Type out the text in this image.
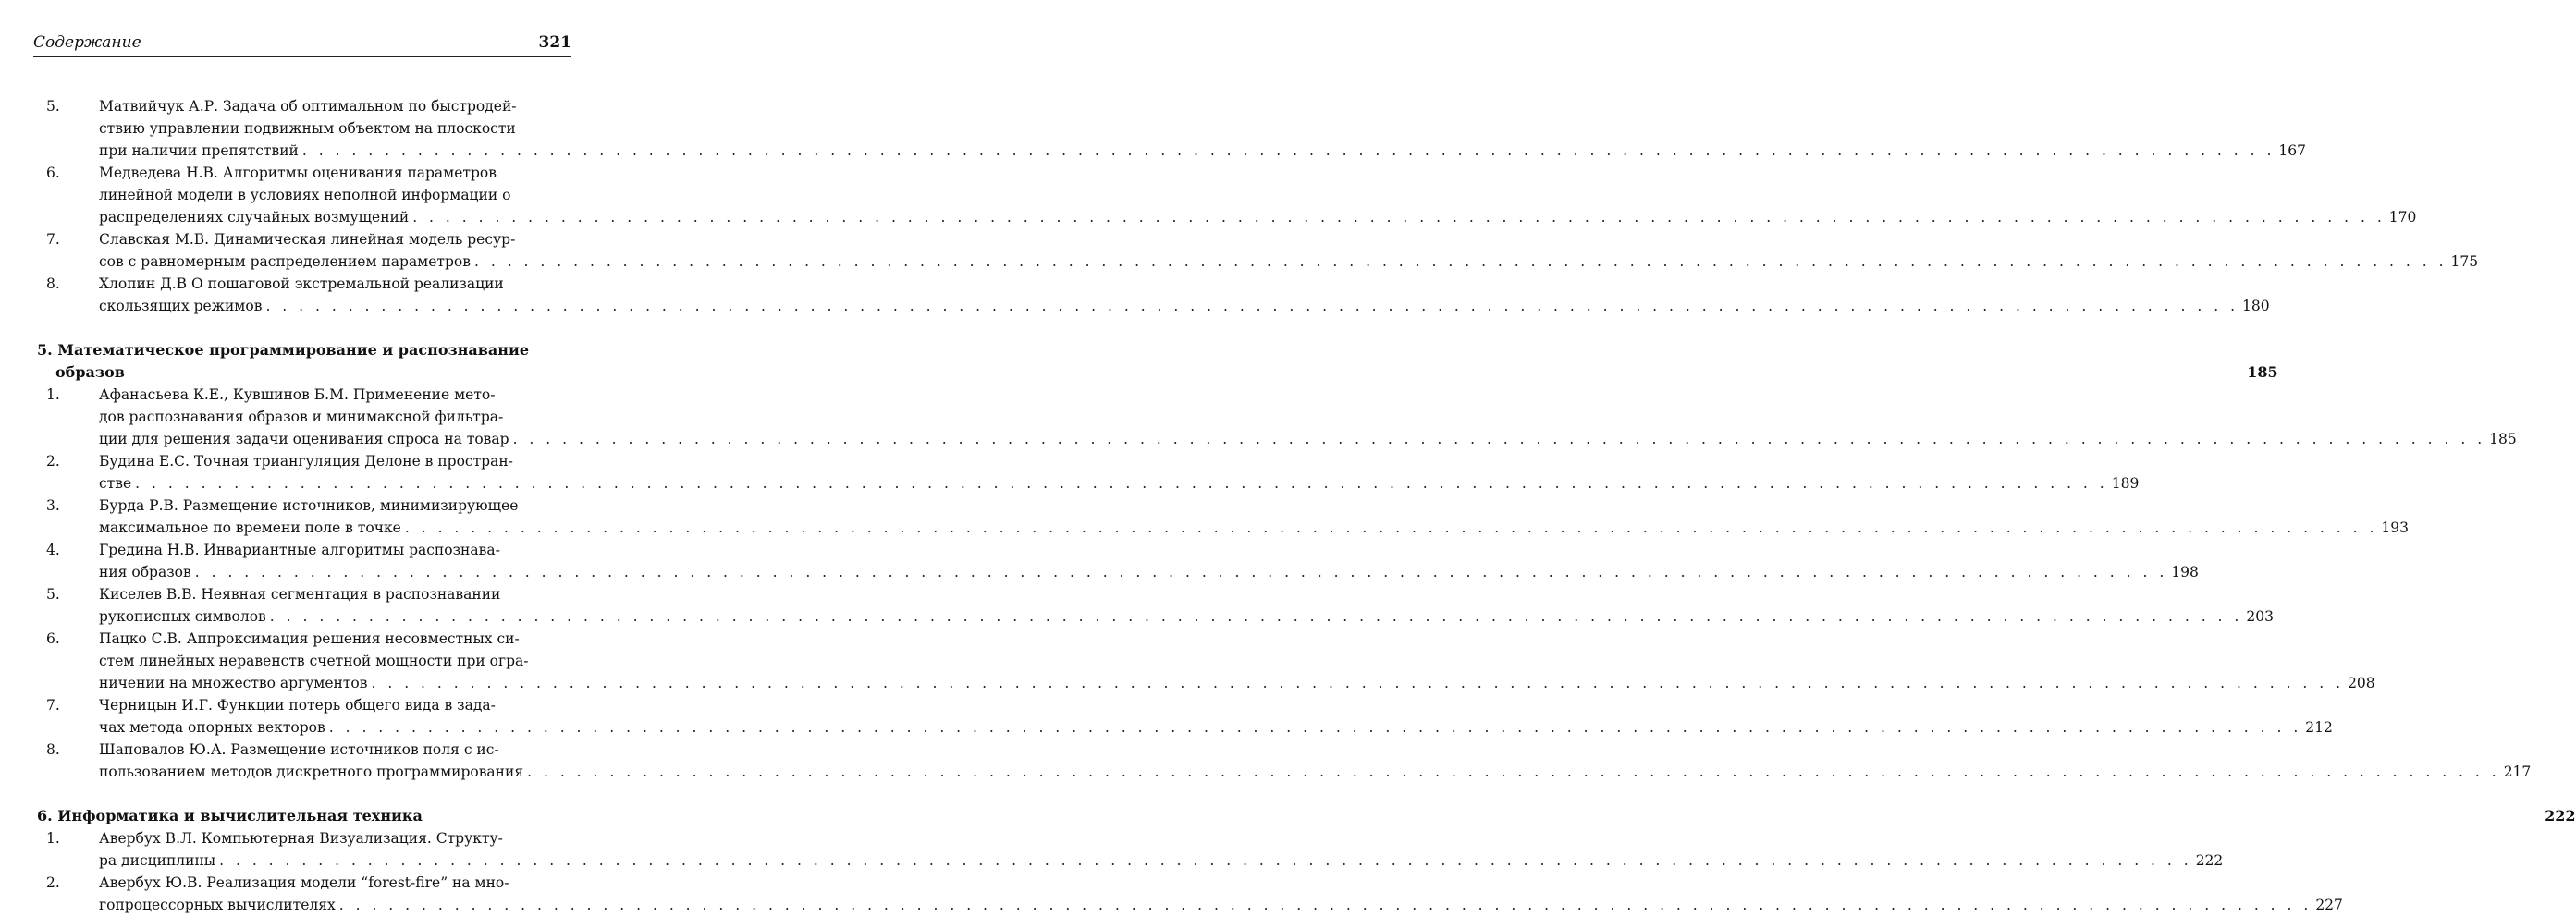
Содержание	321
5.	Матвийчук А.Р. Задача об оптимальном по быстродей-
ствию управлении подвижным объектом на плоскости
при наличии препятствий . . . . . . . . . . . . . . . . . . . . . . . . . . . . . . . . . . . . . . . . . . . . . . . . . . . . . . . . . . . . . . . . . . . . . . . . . . . . . . . . . . . . . . . . . . . . . . . . . . . . . . . . . . . . . . . . . . . . . . . . 167
6.	Медведева Н.В. Алгоритмы оценивания параметров
линейной модели в условиях неполной информации о
распределениях случайных возмущений . . . . . . . . . . . . . . . . . . . . . . . . . . . . . . . . . . . . . . . . . . . . . . . . . . . . . . . . . . . . . . . . . . . . . . . . . . . . . . . . . . . . . . . . . . . . . . . . . . . . . . . . . . . . . . . . . . . . . . . . 170
7.	Славская М.В. Динамическая линейная модель ресур-
сов с равномерным распределением параметров . . . . . . . . . . . . . . . . . . . . . . . . . . . . . . . . . . . . . . . . . . . . . . . . . . . . . . . . . . . . . . . . . . . . . . . . . . . . . . . . . . . . . . . . . . . . . . . . . . . . . . . . . . . . . . . . . . . . . . . . 175
8.	Хлопин Д.В О пошаговой экстремальной реализации
скользящих режимов . . . . . . . . . . . . . . . . . . . . . . . . . . . . . . . . . . . . . . . . . . . . . . . . . . . . . . . . . . . . . . . . . . . . . . . . . . . . . . . . . . . . . . . . . . . . . . . . . . . . . . . . . . . . . . . . . . . . . . . . 180
5. Математическое программирование и распознавание
образов	185
1.	Афанасьева К.Е., Кувшинов Б.М. Применение мето-
дов распознавания образов и минимаксной фильтра-
ции для решения задачи оценивания спроса на товар . . . . . . . . . . . . . . . . . . . . . . . . . . . . . . . . . . . . . . . . . . . . . . . . . . . . . . . . . . . . . . . . . . . . . . . . . . . . . . . . . . . . . . . . . . . . . . . . . . . . . . . . . . . . . . . . . . . . . . . . 185
2.	Будина Е.С. Точная триангуляция Делоне в простран-
стве . . . . . . . . . . . . . . . . . . . . . . . . . . . . . . . . . . . . . . . . . . . . . . . . . . . . . . . . . . . . . . . . . . . . . . . . . . . . . . . . . . . . . . . . . . . . . . . . . . . . . . . . . . . . . . . . . . . . . . . . 189
3.	Бурда Р.В. Размещение источников, минимизирующее
максимальное по времени поле в точке . . . . . . . . . . . . . . . . . . . . . . . . . . . . . . . . . . . . . . . . . . . . . . . . . . . . . . . . . . . . . . . . . . . . . . . . . . . . . . . . . . . . . . . . . . . . . . . . . . . . . . . . . . . . . . . . . . . . . . . . 193
4.	Гредина Н.В. Инвариантные алгоритмы распознава-
ния образов . . . . . . . . . . . . . . . . . . . . . . . . . . . . . . . . . . . . . . . . . . . . . . . . . . . . . . . . . . . . . . . . . . . . . . . . . . . . . . . . . . . . . . . . . . . . . . . . . . . . . . . . . . . . . . . . . . . . . . . . 198
5.	Киселев В.В. Неявная сегментация в распознавании
рукописных символов . . . . . . . . . . . . . . . . . . . . . . . . . . . . . . . . . . . . . . . . . . . . . . . . . . . . . . . . . . . . . . . . . . . . . . . . . . . . . . . . . . . . . . . . . . . . . . . . . . . . . . . . . . . . . . . . . . . . . . . . 203
6.	Пацко С.В. Аппроксимация решения несовместных си-
стем линейных неравенств счетной мощности при огра-
ничении на множество аргументов . . . . . . . . . . . . . . . . . . . . . . . . . . . . . . . . . . . . . . . . . . . . . . . . . . . . . . . . . . . . . . . . . . . . . . . . . . . . . . . . . . . . . . . . . . . . . . . . . . . . . . . . . . . . . . . . . . . . . . . . 208
7.	Черницын И.Г. Функции потерь общего вида в зада-
чах метода опорных векторов . . . . . . . . . . . . . . . . . . . . . . . . . . . . . . . . . . . . . . . . . . . . . . . . . . . . . . . . . . . . . . . . . . . . . . . . . . . . . . . . . . . . . . . . . . . . . . . . . . . . . . . . . . . . . . . . . . . . . . . . 212
8.	Шаповалов Ю.А. Размещение источников поля с ис-
пользованием методов дискретного программирования . . . . . . . . . . . . . . . . . . . . . . . . . . . . . . . . . . . . . . . . . . . . . . . . . . . . . . . . . . . . . . . . . . . . . . . . . . . . . . . . . . . . . . . . . . . . . . . . . . . . . . . . . . . . . . . . . . . . . . . . 217
6. Информатика и вычислительная техника	222
1.	Авербух В.Л. Компьютерная Визуализация. Структу-
ра дисциплины . . . . . . . . . . . . . . . . . . . . . . . . . . . . . . . . . . . . . . . . . . . . . . . . . . . . . . . . . . . . . . . . . . . . . . . . . . . . . . . . . . . . . . . . . . . . . . . . . . . . . . . . . . . . . . . . . . . . . . . . 222
2.	Авербух Ю.В. Реализация модели “forest-fire” на мно-
гопроцессорных вычислителях . . . . . . . . . . . . . . . . . . . . . . . . . . . . . . . . . . . . . . . . . . . . . . . . . . . . . . . . . . . . . . . . . . . . . . . . . . . . . . . . . . . . . . . . . . . . . . . . . . . . . . . . . . . . . . . . . . . . . . . . 227
